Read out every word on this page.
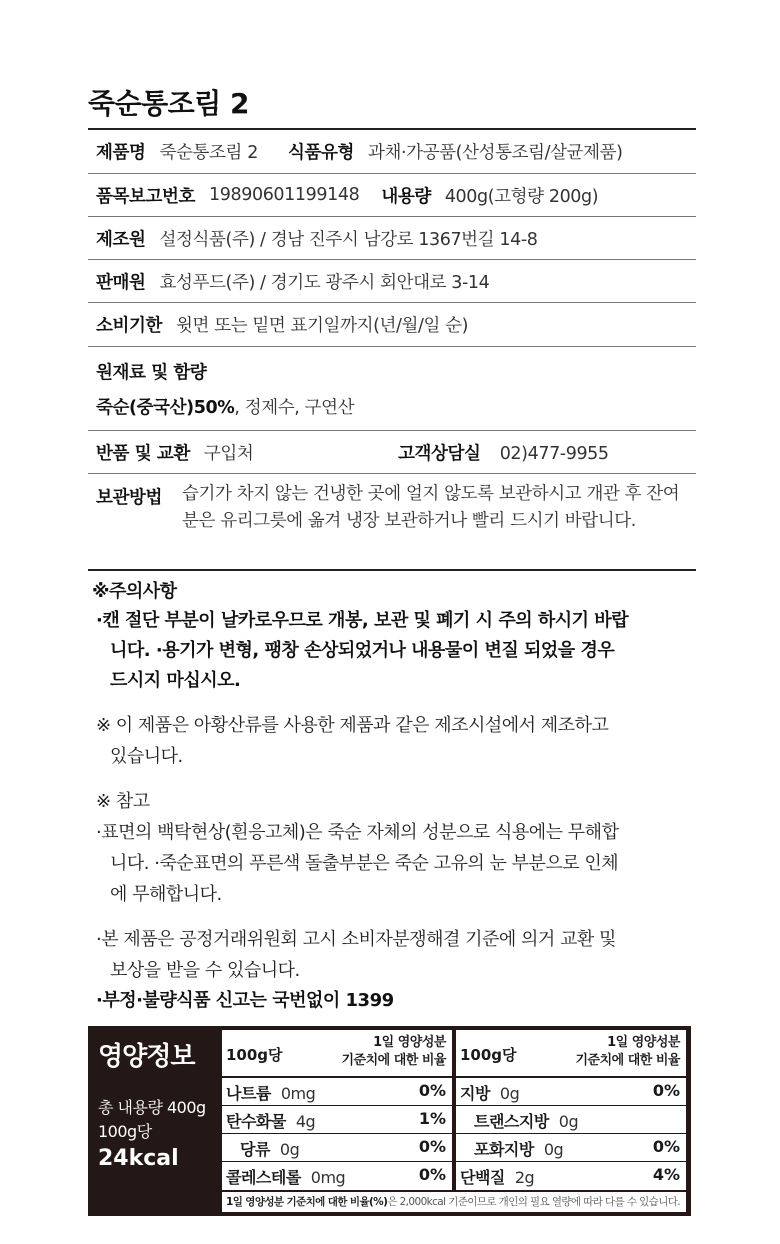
죽순통조림 2
제품명 죽순통조림 2 식품유형 과채·가공품(산성통조림/살균제품)
품목보고번호 19890601199148 내용량 400g(고형량 200g)
제조원 설정식품(주) / 경남 진주시 남강로 1367번길 14-8
판매원 효성푸드(주) / 경기도 광주시 회안대로 3-14
소비기한 윗면 또는 밑면 표기일까지(년/월/일 순)
원재료 및 함량
죽순(중국산)50%, 정제수, 구연산
반품 및 교환 구입처	고객상담실 02)477-9955
보관방법 습기가 차지 않는 건냉한 곳에 얼지 않도록 보관하시고 개관 후 잔여분은 유리그릇에 옮겨 냉장 보관하거나 빨리 드시기 바랍니다.

※주의사항

·캔 절단 부분이 날카로우므로 개봉, 보관 및 폐기 시 주의 하시기 바랍

니다. ·용기가 변형, 팽창 손상되었거나 내용물이 변질 되었을 경우

드시지 마십시오.

※ 이 제품은 아황산류를 사용한 제품과 같은 제조시설에서 제조하고

있습니다.

※ 참고

·표면의 백탁현상(흰응고체)은 죽순 자체의 성분으로 식용에는 무해합

니다. ·죽순표면의 푸른색 돌출부분은 죽순 고유의 눈 부분으로 인체

에 무해합니다.

·본 제품은 공정거래위원회 고시 소비자분쟁해결 기준에 의거 교환 및

보상을 받을 수 있습니다.

·부정·불량식품 신고는 국번없이 1399

영양정보
총 내용량 400g
100g당
24kcal
100g당
1일 영양성분
기준치에 대한 비율
나트륨 0mg	0%
탄수화물 4g	1%
당류 0g	0%
콜레스테롤 0mg	0%
100g당
1일 영양성분
기준치에 대한 비율
지방 0g	0%
트랜스지방 0g
포화지방 0g	0%
단백질 2g	4%
1일 영양성분 기준치에 대한 비율(%)은 2,000kcal 기준이므로 개인의 필요 열량에 따라 다를 수 있습니다.
